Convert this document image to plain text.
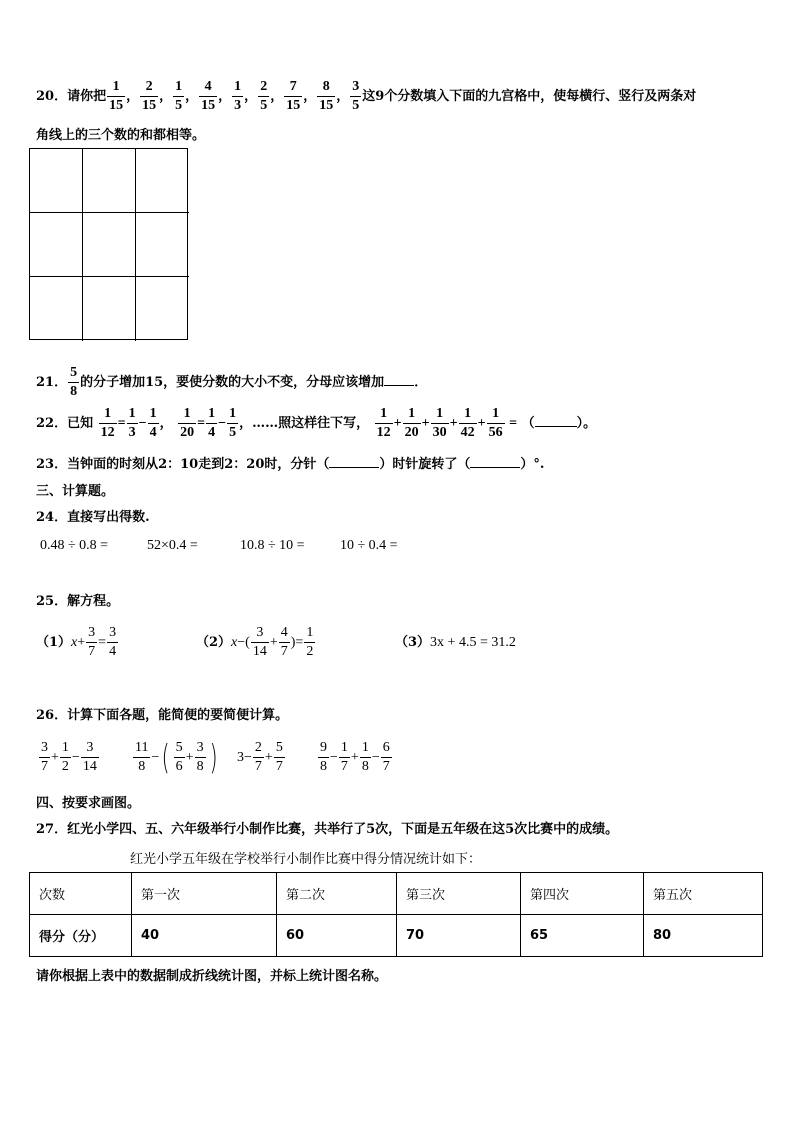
20．请你把 $\frac{1}{15}$ ， $\frac{2}{15}$ ， $\frac{1}{5}$ ， $\frac{4}{15}$ ， $\frac{1}{3}$ ， $\frac{2}{5}$ ， $\frac{7}{15}$ ， $\frac{8}{15}$ ， $\frac{3}{5}$ 这9个分数填入下面的九宫格中，使每横行、竖行及两条对
角线上的三个数的和都相等。
21． $\frac{5}{8}$ 的分子增加15，要使分数的大小不变，分母应该增加 ．
22．已知 $\frac{1}{12} = \frac{1}{3} - \frac{1}{4}$ ， $\frac{1}{20} = \frac{1}{4} - \frac{1}{5}$ ，……照这样往下写， $\frac{1}{12} + \frac{1}{20} + \frac{1}{30} + \frac{1}{42} + \frac{1}{56}$ = （	）。
23．当钟面的时刻从2：10走到2：20时，分针（	）时针旋转了（	）°.
三、计算题。
24．直接写出得数.
0.48 ÷ 0.8 =	52×0.4 =	10.8 ÷ 10 =	10 ÷ 0.4 =
25．解方程。
$(1)x+ \frac{3}{7} = \frac{3}{4}$	$(2)x-( \frac{3}{14} + \frac{4}{7}$ )= $\frac{1}{2}$	（3）3x + 4.5 = 31.2
26．计算下面各题，能简便的要简便计算。
$\frac{3}{7} + \frac{1}{2} - \frac{3}{14} \frac{11}{8}$ −( $\frac{5}{6} + \frac{3}{8}$ ) $3- \frac{2}{7} + \frac{5}{7} \frac{9}{8} - \frac{1}{7} + \frac{1}{8} - \frac{6}{7}$
四、按要求画图。
27．红光小学四、五、六年级举行小制作比赛，共举行了5次，下面是五年级在这5次比赛中的成绩。
红光小学五年级在学校举行小制作比赛中得分情况统计如下：
次数	第一次	第二次	第三次	第四次	第五次
得分（分）	40	60	70	65	80
请你根据上表中的数据制成折线统计图，并标上统计图名称。
